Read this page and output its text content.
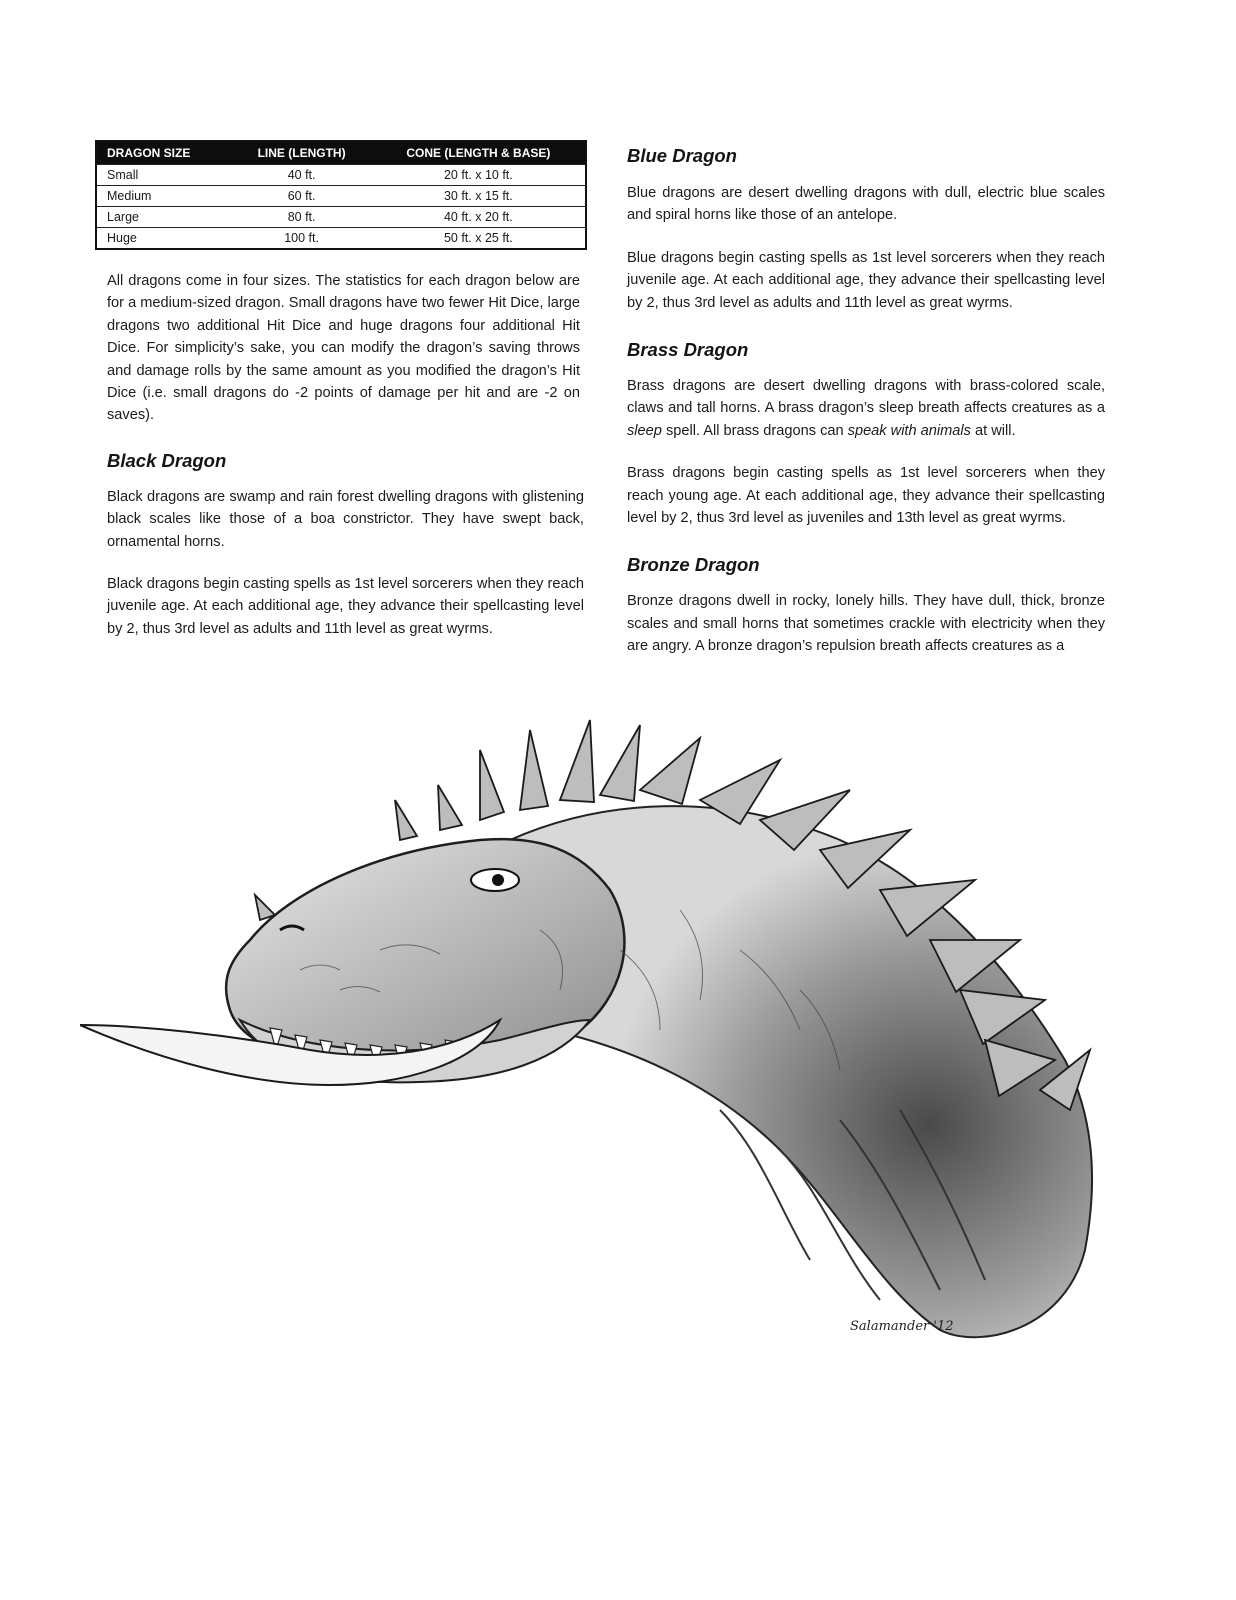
DRAGON SIZE	LINE (LENGTH)	CONE (LENGTH & BASE)
Small	40 ft.	20 ft. x 10 ft.
Medium	60 ft.	30 ft. x 15 ft.
Large	80 ft.	40 ft. x 20 ft.
Huge	100 ft.	50 ft. x 25 ft.

All dragons come in four sizes. The statistics for each dragon below are for a medium-sized dragon. Small dragons have two fewer Hit Dice, large dragons two additional Hit Dice and huge dragons four additional Hit Dice. For simplicity’s sake, you can modify the dragon’s saving throws and damage rolls by the same amount as you modified the dragon’s Hit Dice (i.e. small dragons do -2 points of damage per hit and are -2 on saves).

Black Dragon

Black dragons are swamp and rain forest dwelling dragons with glistening black scales like those of a boa constrictor. They have swept back, ornamental horns.

Black dragons begin casting spells as 1st level sorcerers when they reach juvenile age. At each additional age, they advance their spellcasting level by 2, thus 3rd level as adults and 11th level as great wyrms.

Blue Dragon

Blue dragons are desert dwelling dragons with dull, electric blue scales and spiral horns like those of an antelope.

Blue dragons begin casting spells as 1st level sorcerers when they reach juvenile age. At each additional age, they advance their spellcasting level by 2, thus 3rd level as adults and 11th level as great wyrms.

Brass Dragon

Brass dragons are desert dwelling dragons with brass-colored scale, claws and tall horns. A brass dragon’s sleep breath affects creatures as a sleep spell. All brass dragons can speak with animals at will.

Brass dragons begin casting spells as 1st level sorcerers when they reach young age. At each additional age, they advance their spellcasting level by 2, thus 3rd level as juveniles and 13th level as great wyrms.

Bronze Dragon

Bronze dragons dwell in rocky, lonely hills. They have dull, thick, bronze scales and small horns that sometimes crackle with electricity when they are angry. A bronze dragon’s repulsion breath affects creatures as a

Salamander '12
